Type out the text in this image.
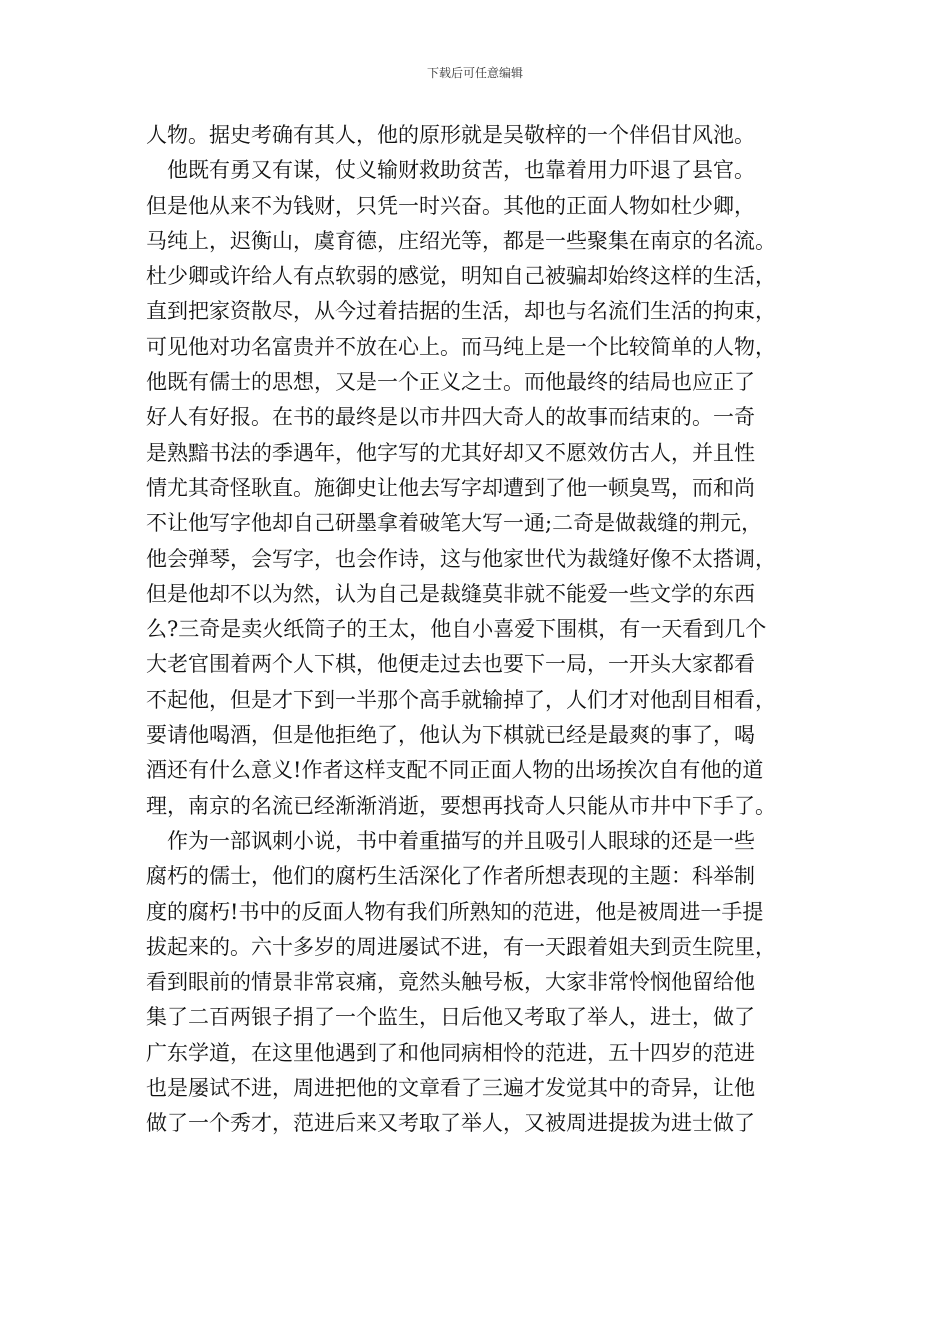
下载后可任意编辑
人物。据史考确有其人，他的原形就是吴敬梓的一个伴侣甘风池。
他既有勇又有谋，仗义输财救助贫苦，也靠着用力吓退了县官。
但是他从来不为钱财，只凭一时兴奋。其他的正面人物如杜少卿，
马纯上，迟衡山，虞育德，庄绍光等，都是一些聚集在南京的名流。
杜少卿或许给人有点软弱的感觉，明知自己被骗却始终这样的生活，
直到把家资散尽，从今过着拮据的生活，却也与名流们生活的拘束，
可见他对功名富贵并不放在心上。而马纯上是一个比较简单的人物，
他既有儒士的思想，又是一个正义之士。而他最终的结局也应正了
好人有好报。在书的最终是以市井四大奇人的故事而结束的。一奇
是熟黯书法的季遇年，他字写的尤其好却又不愿效仿古人，并且性
情尤其奇怪耿直。施御史让他去写字却遭到了他一顿臭骂，而和尚
不让他写字他却自己研墨拿着破笔大写一通;二奇是做裁缝的荆元，
他会弹琴，会写字，也会作诗，这与他家世代为裁缝好像不太搭调，
但是他却不以为然，认为自己是裁缝莫非就不能爱一些文学的东西
么?三奇是卖火纸筒子的王太，他自小喜爱下围棋，有一天看到几个
大老官围着两个人下棋，他便走过去也要下一局，一开头大家都看
不起他，但是才下到一半那个高手就输掉了，人们才对他刮目相看，
要请他喝酒，但是他拒绝了，他认为下棋就已经是最爽的事了，喝
酒还有什么意义!作者这样支配不同正面人物的出场挨次自有他的道
理，南京的名流已经渐渐消逝，要想再找奇人只能从市井中下手了。
作为一部讽刺小说，书中着重描写的并且吸引人眼球的还是一些
腐朽的儒士，他们的腐朽生活深化了作者所想表现的主题：科举制
度的腐朽!书中的反面人物有我们所熟知的范进，他是被周进一手提
拔起来的。六十多岁的周进屡试不进，有一天跟着姐夫到贡生院里，
看到眼前的情景非常哀痛，竟然头触号板，大家非常怜悯他留给他
集了二百两银子捐了一个监生，日后他又考取了举人，进士，做了
广东学道，在这里他遇到了和他同病相怜的范进，五十四岁的范进
也是屡试不进，周进把他的文章看了三遍才发觉其中的奇异，让他
做了一个秀才，范进后来又考取了举人，又被周进提拔为进士做了
